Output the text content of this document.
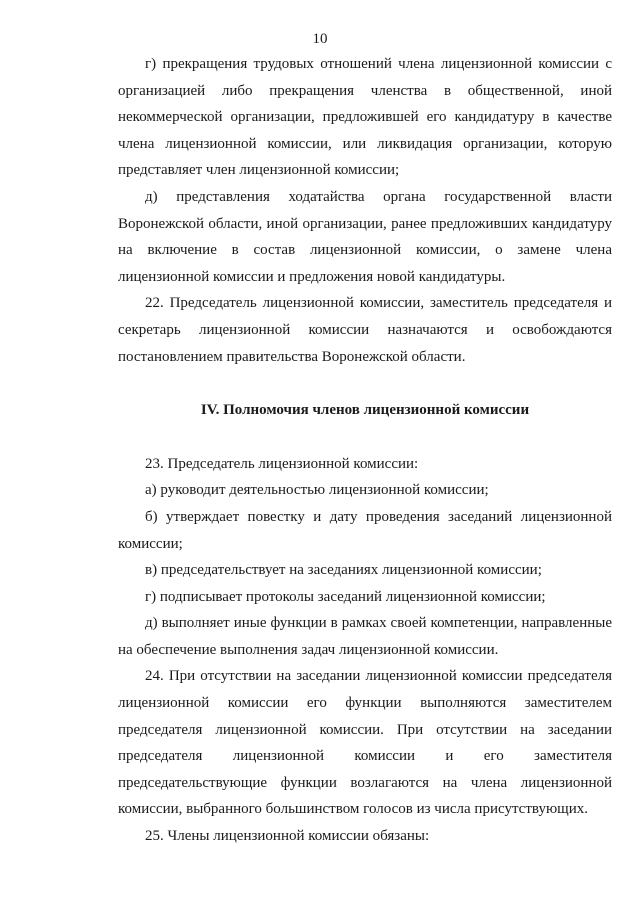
10

г) прекращения трудовых отношений члена лицензионной комиссии с организацией либо прекращения членства в общественной, иной некоммерческой организации, предложившей его кандидатуру в качестве члена лицензионной комиссии, или ликвидация организации, которую представляет член лицензионной комиссии;

д) представления ходатайства органа государственной власти Воронежской области, иной организации, ранее предложивших кандидатуру на включение в состав лицензионной комиссии, о замене члена лицензионной комиссии и предложения новой кандидатуры.

22. Председатель лицензионной комиссии, заместитель председателя и секретарь лицензионной комиссии назначаются и освобождаются постановлением правительства Воронежской области.

IV. Полномочия членов лицензионной комиссии

23. Председатель лицензионной комиссии:

а) руководит деятельностью лицензионной комиссии;

б) утверждает повестку и дату проведения заседаний лицензионной комиссии;

в) председательствует на заседаниях лицензионной комиссии;

г) подписывает протоколы заседаний лицензионной комиссии;

д) выполняет иные функции в рамках своей компетенции, направленные на обеспечение выполнения задач лицензионной комиссии.

24. При отсутствии на заседании лицензионной комиссии председателя лицензионной комиссии его функции выполняются заместителем председателя лицензионной комиссии. При отсутствии на заседании председателя лицензионной комиссии и его заместителя председательствующие функции возлагаются на члена лицензионной комиссии, выбранного большинством голосов из числа присутствующих.

25. Члены лицензионной комиссии обязаны:
